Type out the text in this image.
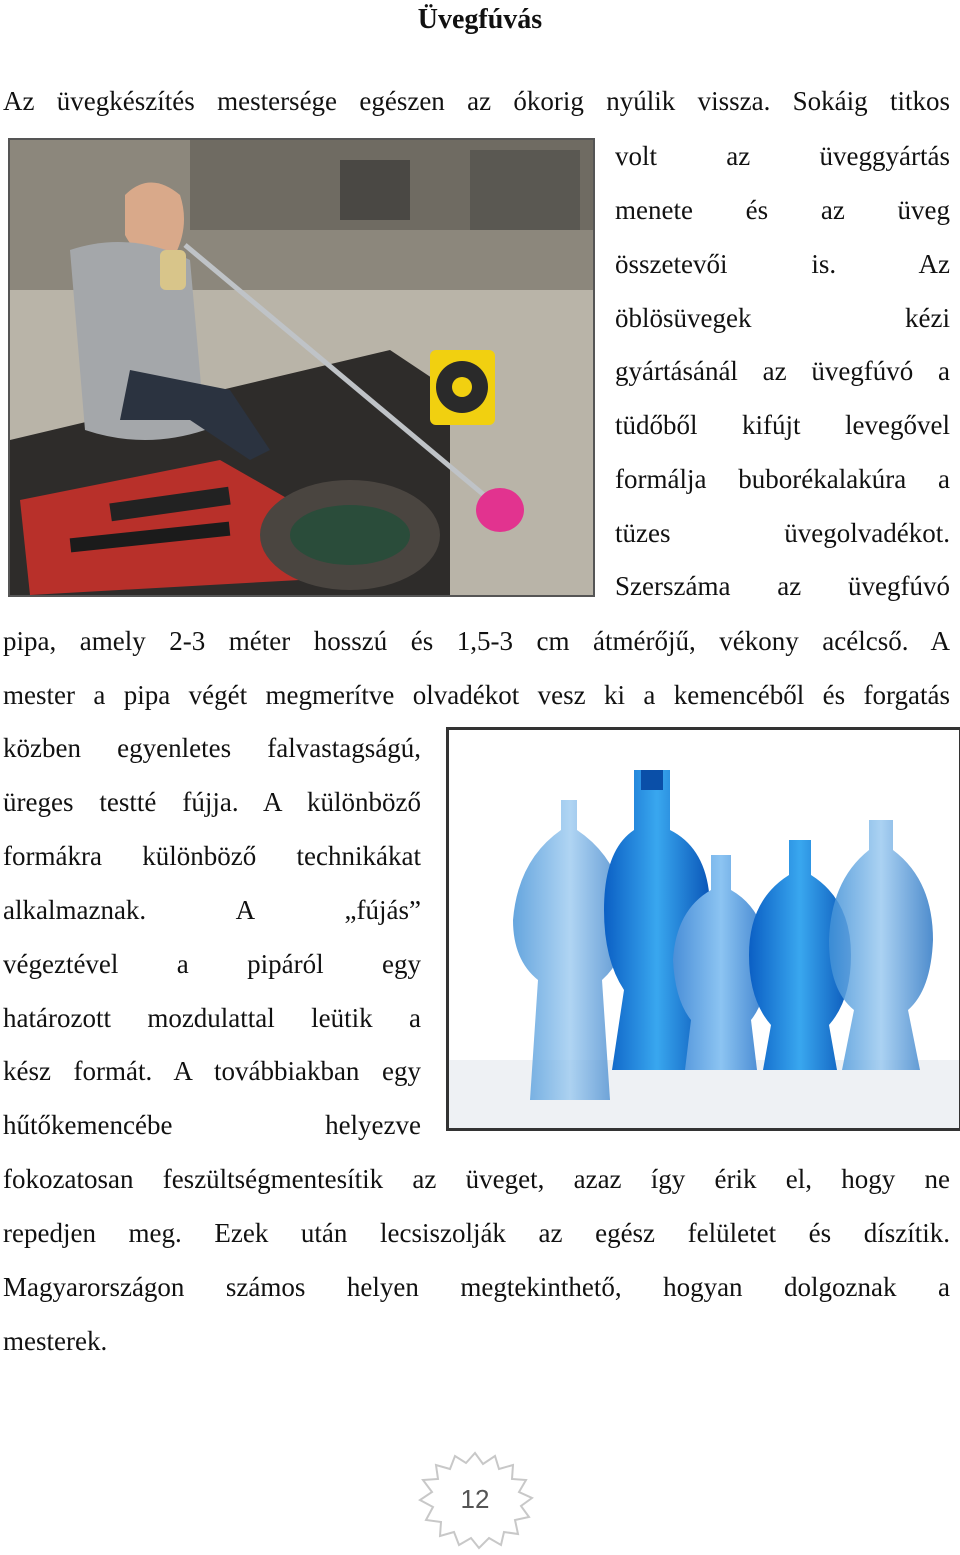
Üvegfúvás
Az üvegkészítés mestersége egészen az ókorig nyúlik vissza. Sokáig titkos
volt az üveggyártás
menete és az üveg
összetevői is. Az
öblösüvegek kézi
gyártásánál az üvegfúvó a
tüdőből kifújt levegővel
formálja buborékalakúra a
tüzes üvegolvadékot.
Szerszáma az üvegfúvó
pipa, amely 2-3 méter hosszú és 1,5-3 cm átmérőjű, vékony acélcső. A
mester a pipa végét megmerítve olvadékot vesz ki a kemencéből és forgatás
közben egyenletes falvastagságú,
üreges testté fújja. A különböző
formákra különböző technikákat
alkalmaznak. A „fújás”
végeztével a pipáról egy
határozott mozdulattal leütik a
kész formát. A továbbiakban egy
hűtőkemencébe helyezve
fokozatosan feszültségmentesítik az üveget, azaz így érik el, hogy ne
repedjen meg. Ezek után lecsiszolják az egész felületet és díszítik.
Magyarországon számos helyen megtekinthető, hogyan dolgoznak a
mesterek.
12
